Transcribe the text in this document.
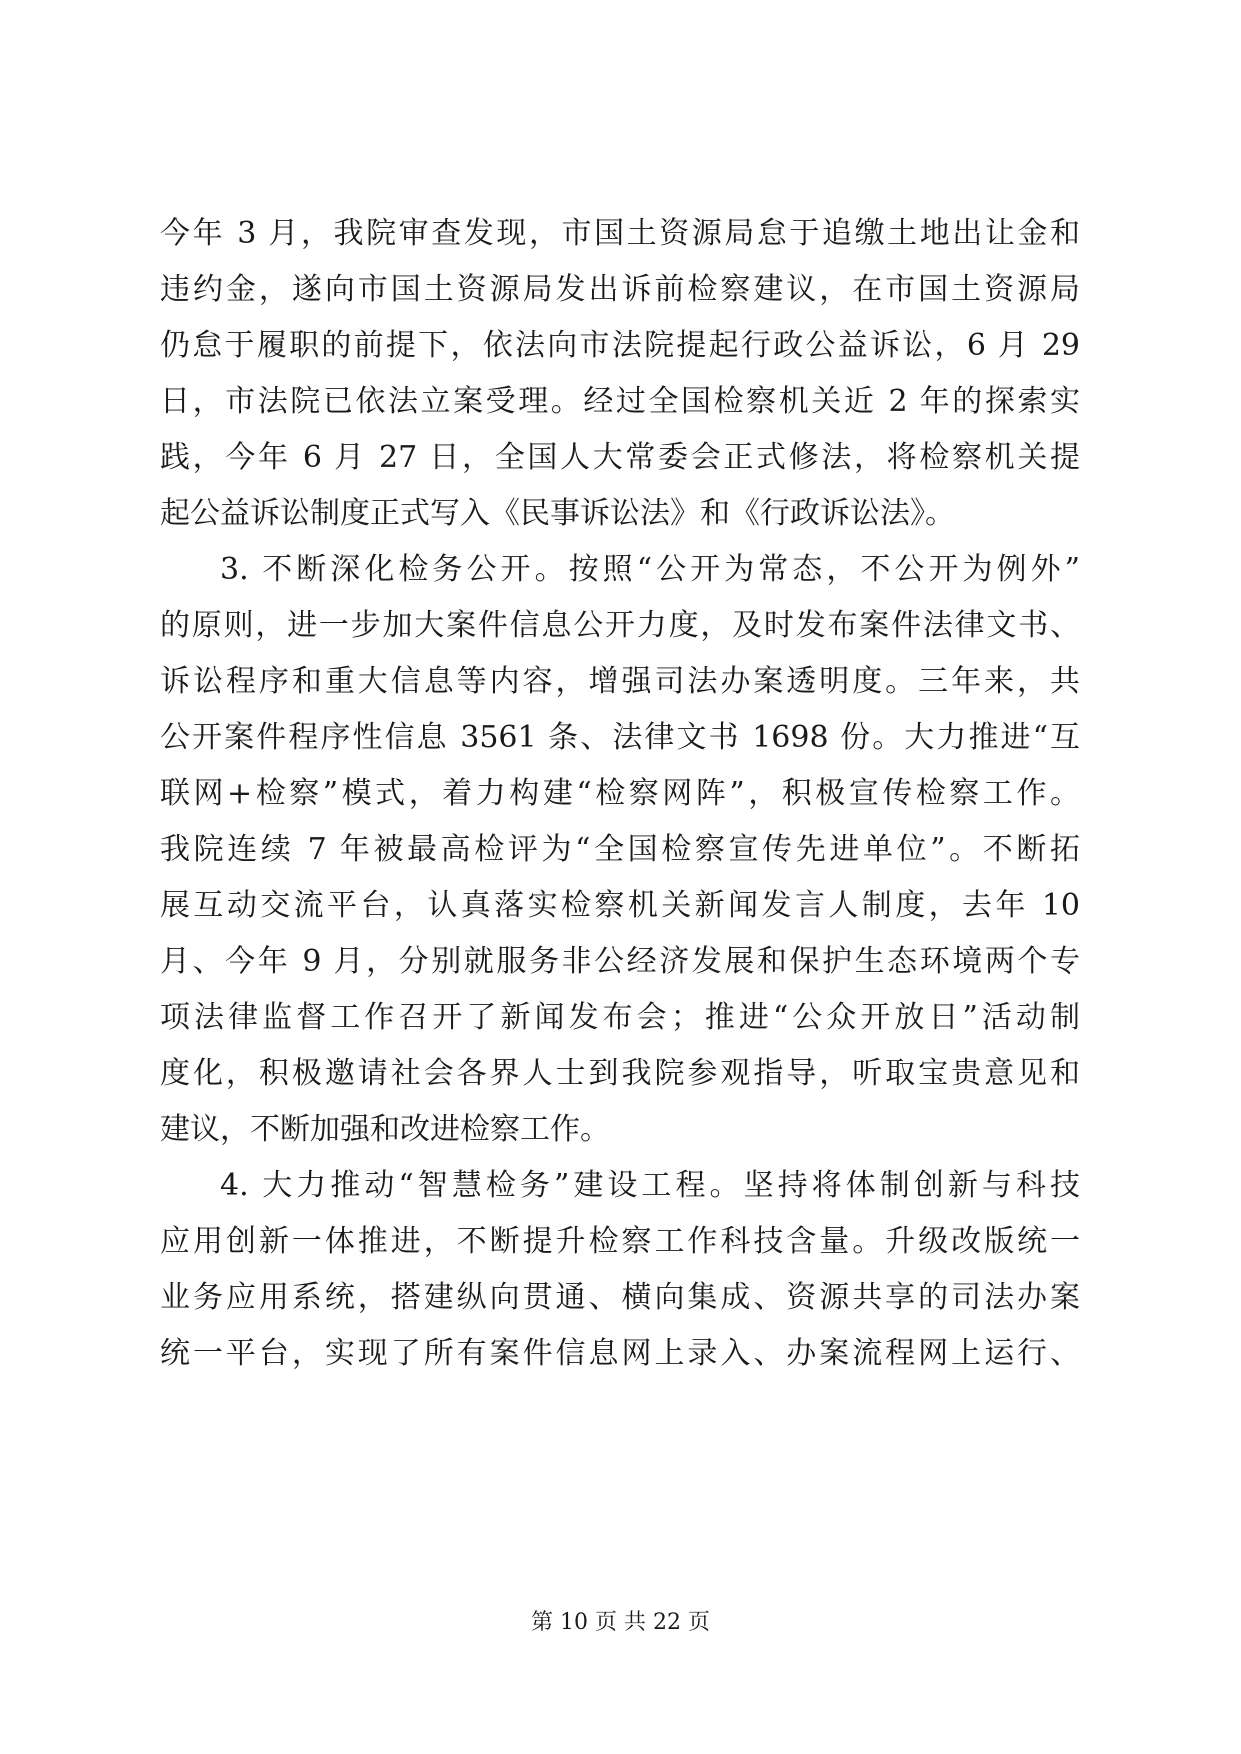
今年 3 月，我院审查发现，市国土资源局怠于追缴土地出让金和
违约金，遂向市国土资源局发出诉前检察建议，在市国土资源局
仍怠于履职的前提下，依法向市法院提起行政公益诉讼，6 月 29
日，市法院已依法立案受理。经过全国检察机关近 2 年的探索实
践，今年 6 月 27 日，全国人大常委会正式修法，将检察机关提
起公益诉讼制度正式写入《民事诉讼法》和《行政诉讼法》。
3. 不断深化检务公开。按照“公开为常态，不公开为例外”
的原则，进一步加大案件信息公开力度，及时发布案件法律文书、
诉讼程序和重大信息等内容，增强司法办案透明度。三年来，共
公开案件程序性信息 3561 条、法律文书 1698 份。大力推进“互
联网+检察”模式，着力构建“检察网阵”，积极宣传检察工作。
我院连续 7 年被最高检评为“全国检察宣传先进单位”。不断拓
展互动交流平台，认真落实检察机关新闻发言人制度，去年 10
月、今年 9 月，分别就服务非公经济发展和保护生态环境两个专
项法律监督工作召开了新闻发布会；推进“公众开放日”活动制
度化，积极邀请社会各界人士到我院参观指导，听取宝贵意见和
建议，不断加强和改进检察工作。
4. 大力推动“智慧检务”建设工程。坚持将体制创新与科技
应用创新一体推进，不断提升检察工作科技含量。升级改版统一
业务应用系统，搭建纵向贯通、横向集成、资源共享的司法办案
统一平台，实现了所有案件信息网上录入、办案流程网上运行、
第 10 页 共 22 页
